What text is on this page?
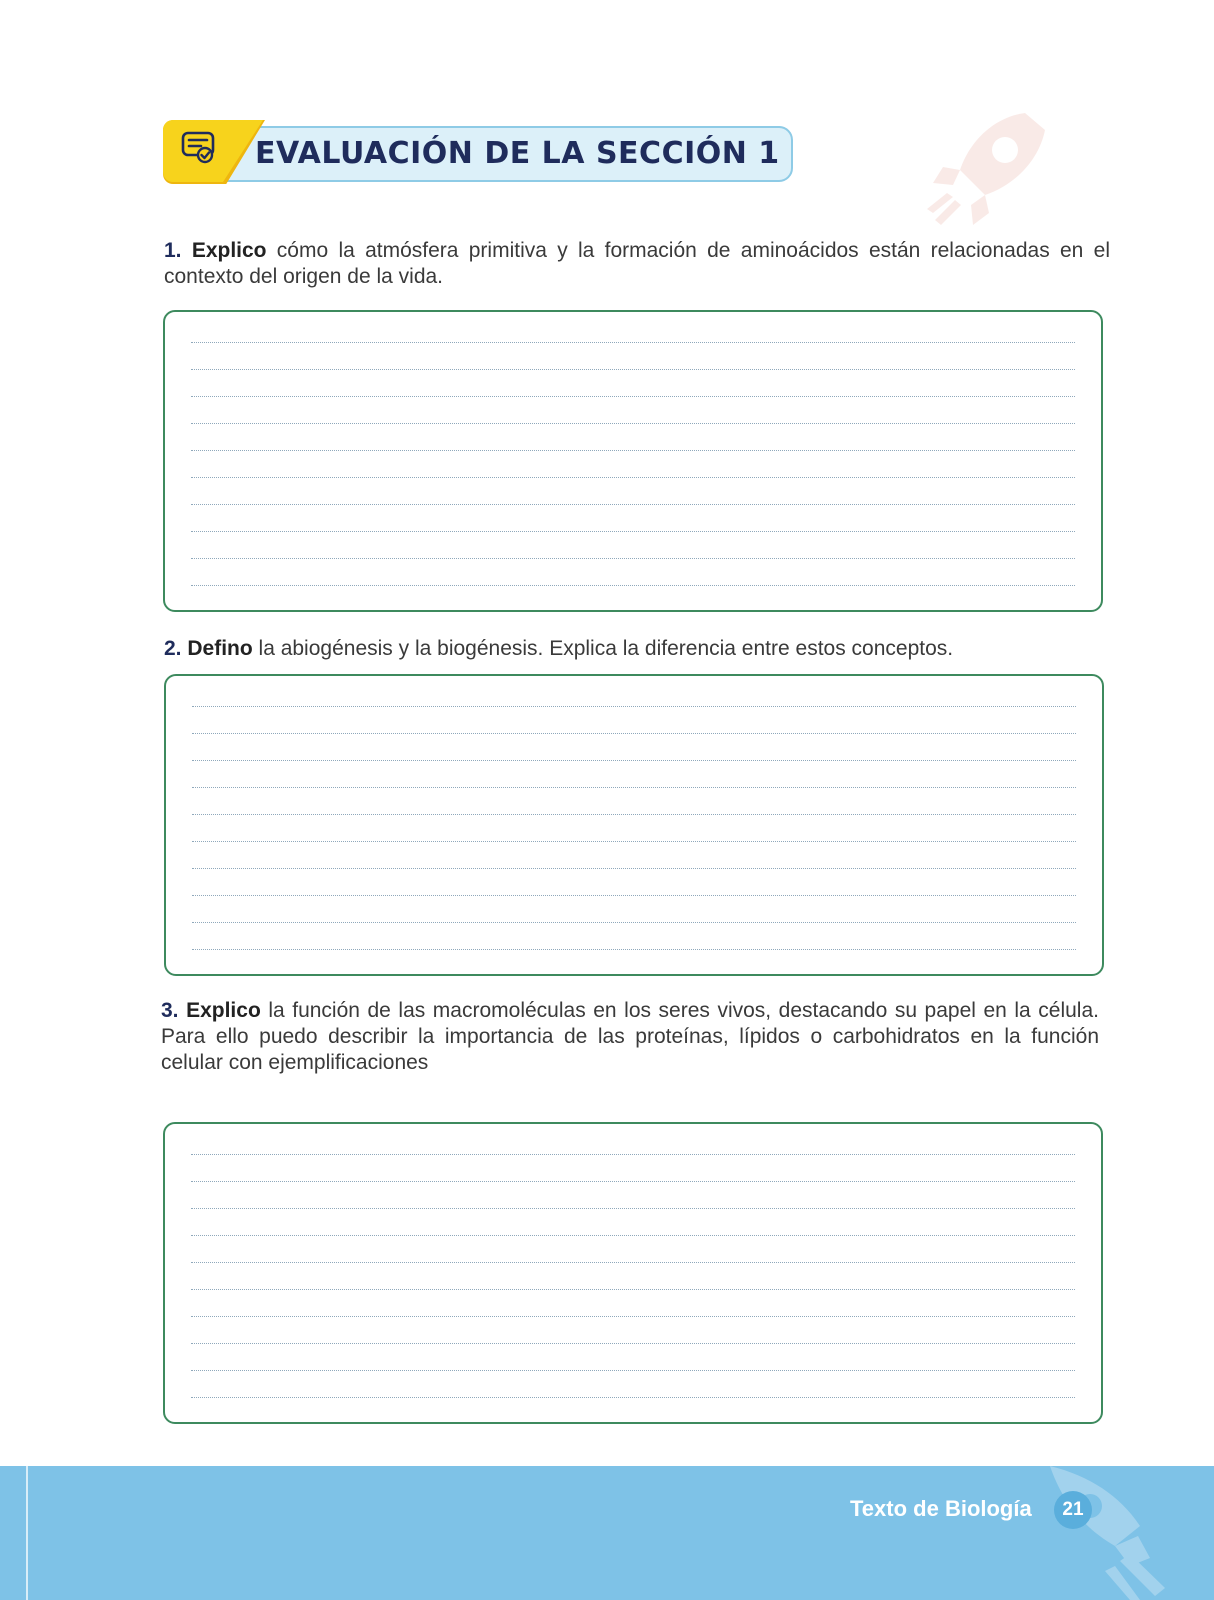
EVALUACIÓN DE LA SECCIÓN 1
1. Explico cómo la atmósfera primitiva y la formación de aminoácidos están relacionadas en el contexto del origen de la vida.
2. Defino la abiogénesis y la biogénesis. Explica la diferencia entre estos conceptos.
3. Explico la función de las macromoléculas en los seres vivos, destacando su papel en la célula. Para ello puedo describir la importancia de las proteínas, lípidos o carbohidratos en la función celular con ejemplificaciones
Texto de Biología	21
